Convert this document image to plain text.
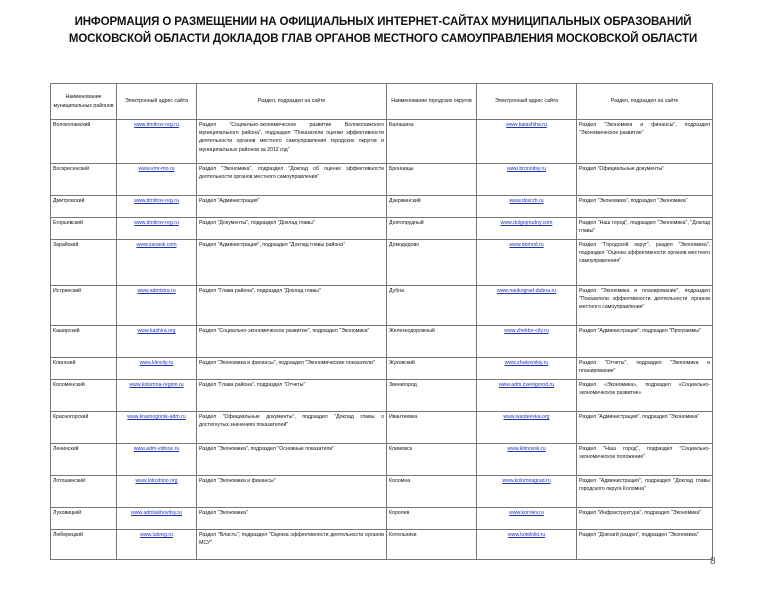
ИНФОРМАЦИЯ О РАЗМЕЩЕНИИ НА ОФИЦИАЛЬНЫХ ИНТЕРНЕТ-САЙТАХ МУНИЦИПАЛЬНЫХ ОБРАЗОВАНИЙ
МОСКОВСКОЙ ОБЛАСТИ ДОКЛАДОВ ГЛАВ ОРГАНОВ МЕСТНОГО САМОУПРАВЛЕНИЯ МОСКОВСКОЙ ОБЛАСТИ
Наименование муниципальных районов	Электронный адрес сайта	Раздел, подраздел на сайте	Наименование городских округов	Электронный адрес сайта	Раздел, подраздел на сайте
Волоколамский	www.dmitrov-reg.ru	Раздел "Социально-экономическое развитие Волоколамского муниципального района", подраздел "Показатели оценки эффективности деятельности органов местного самоуправления городских округов и муниципальных районов за 2012 год"	Балашиха	www.balashiha.ru	Раздел "Экономика и финансы", подраздел "Экономическое развитие"
Воскресенский	www.vmr-mo.ru	Раздел "Экономика", подраздел "Доклад об оценке эффективности деятельности органов местного самоуправления"	Бронницы	www.bronnitsy.ru	Раздел "Официальные документы"
Дмитровский	www.dmitrov-reg.ru	Раздел "Администрация"	Дзержинский	www.dzerzh.ru	Раздел "Экономика", подраздел "Экономика"
Егорьевский	www.dmitrov-reg.ru	Раздел "Документы", подраздел "Доклад главы"	Долгопрудный	www.dolgoprudny.com	Раздел "Наш город", подраздел "Экономика", "Доклад главы"
Зарайский	www.zaraisk.com	Раздел "Администрация", подраздел "Доклад главы района"	Домодедово	www.domod.ru	Раздел "Городской округ", раздел "Экономика", подраздел "Оценка эффективности органов местного самоуправления"
Истринский	www.admistra.ru	Раздел "Глава района", подраздел "Доклад главы"	Дубна	www.naukograd-dubna.ru	Раздел "Экономика и планирование", подраздел "Показатели эффективности деятельности органов местного самоуправления"
Каширский	www.kashira.org	Раздел "Социально-экономическое развитие", подраздел "Экономика"	Железнодорожный	www.zheldor-city.ru	Раздел "Администрация", подраздел "Программы"
Клинский	www.klincity.ru	Раздел "Экономика и финансы", подраздел "Экономические показатели"	Жуковский	www.zhukovskiy.ru	Раздел "Отчеты", подраздел "Экономика и планирование"
Коломенский	www.kolomna-region.ru	Раздел "Глава района", подраздел "Отчеты"	Звенигород	www.adm.zvenigorod.ru	Раздел «Экономика», подраздел «Социально-экономическое развитие»
Красногорский	www.krasnogorsk-adm.ru	Раздел "Официальные документы", подраздел "Доклад главы о достигнутых значениях показателей"	Ивантеевка	www.ivanteevka.org	Раздел "Администрация", подраздел "Экономика"
Ленинский	www.adm-vidnoe.ru	Раздел "Экономика", подраздел "Основные показатели"	Климовск	www.klimovsk.ru	Раздел "Наш город", подраздел "Социально-экономическое положение"
Лотошинский	www.lotoshino.org	Раздел "Экономика и финансы"	Коломна	www.kolomnagrad.ru	Раздел "Администрация", подраздел "Доклад главы городского округа Коломна"
Луховицкий	www.admlukhovitsy.ru	Раздел "Экономика"	Королев	www.korolev.ru	Раздел "Инфраструктура", подраздел "Экономика"
Люберецкий	www.lubreg.ru	Раздел "Власть", подраздел "Оценка эффективности деятельности органов МСУ"	Котельники	www.kotelniki.ru	Раздел "Докоагй раздел", подраздел "Экономика"
8
